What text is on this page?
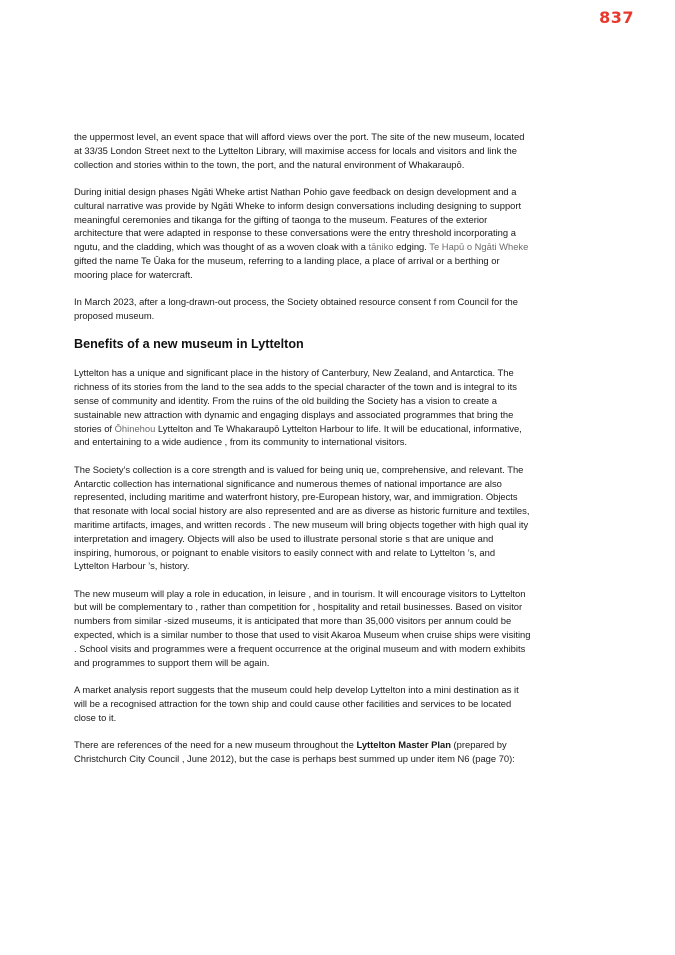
837

the uppermost level, an event space that will afford views over the port. The site of the new museum, located at 33/35 London Street next to the Lyttelton Library, will maximise access for locals and visitors and link the collection and stories within to the town, the port, and the natural environment of Whakaraupō.

During initial design phases Ngāti Wheke artist Nathan Pohio gave feedback on design development and a cultural narrative was provide by Ngāti Wheke to inform design conversations including designing to support meaningful ceremonies and tikanga for the gifting of taonga to the museum. Features of the exterior architecture that were adapted in response to these conversations were the entry threshold incorporating a ngutu, and the cladding, which was thought of as a woven cloak with a tāniko edging. Te Hapū o Ngāti Wheke gifted the name Te Ūaka for the museum, referring to a landing place, a place of arrival or a berthing or mooring place for watercraft.

In March 2023, after a long-drawn-out process, the Society obtained resource consent f rom Council for the proposed museum.

Benefits of a new museum in Lyttelton

Lyttelton has a unique and significant place in the history of Canterbury, New Zealand, and Antarctica. The richness of its stories from the land to the sea adds to the special character of the town and is integral to its sense of community and identity. From the ruins of the old building the Society has a vision to create a sustainable new attraction with dynamic and engaging displays and associated programmes that bring the stories of Ōhinehou Lyttelton and Te Whakaraupō Lyttelton Harbour to life. It will be educational, informative, and entertaining to a wide audience , from its community to international visitors.

The Society’s collection is a core strength and is valued for being uniq ue, comprehensive, and relevant. The Antarctic collection has international significance and numerous themes of national importance are also represented, including maritime and waterfront history, pre-European history, war, and immigration. Objects that resonate with local social history are also represented and are as diverse as historic furniture and textiles, maritime artifacts, images, and written records . The new museum will bring objects together with high qual ity interpretation and imagery. Objects will also be used to illustrate personal storie s that are unique and inspiring, humorous, or poignant to enable visitors to easily connect with and relate to Lyttelton ’s, and Lyttelton Harbour ’s, history.

The new museum will play a role in education, in leisure , and in tourism. It will encourage visitors to Lyttelton but will be complementary to , rather than competition for , hospitality and retail businesses. Based on visitor numbers from similar -sized museums, it is anticipated that more than 35,000 visitors per annum could be expected, which is a similar number to those that used to visit Akaroa Museum when cruise ships were visiting . School visits and programmes were a frequent occurrence at the original museum and with modern exhibits and programmes to support them will be again.

A market analysis report suggests that the museum could help develop Lyttelton into a mini destination as it will be a recognised attraction for the town ship and could cause other facilities and services to be located close to it.

There are references of the need for a new museum throughout the Lyttelton Master Plan (prepared by Christchurch City Council , June 2012), but the case is perhaps best summed up under item N6 (page 70):
